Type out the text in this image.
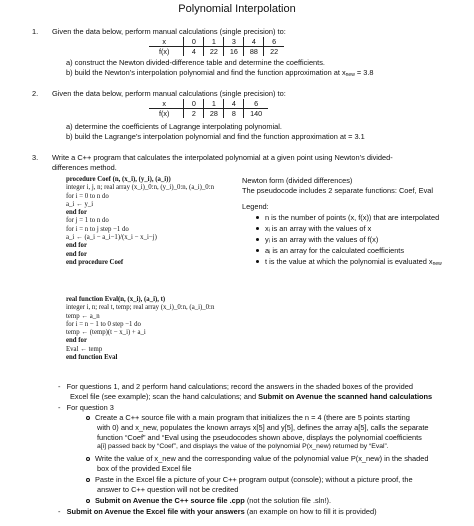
Polynomial Interpolation
1. Given the data below, perform manual calculations (single precision) to:
x	0	1	3	4	6
f(x)	4	22	16	88	22
a) construct the Newton divided-difference table and determine the coefficients.
b) build the Newton’s interpolation polynomial and find the function approximation at $x_{new} = 3.8$
2. Given the data below, perform manual calculations (single precision) to:
x	0	1	4	6
f(x)	2	28	8	140
a) determine the coefficients of Lagrange interpolating polynomial.
b) build the Lagrange’s interpolation polynomial and find the function approximation at = 3.1
3. Write a C++ program that calculates the interpolated polynomial at a given point using Newton’s divided-
differences method.
procedure Coef (n, (x_i), (y_i), (a_i))
integer i, j, n; real array (x_i)_0:n, (y_i)_0:n, (a_i)_0:n
for i = 0 to n do
a_i ← y_i
end for
for j = 1 to n do
for i = n to j step −1 do
a_i ← (a_i − a_i−1)/(x_i − x_i−j)
end for
end for
end procedure Coef
Newton form (divided differences)
The pseudocode includes 2 separate functions: Coef, Eval
Legend:
n is the number of points (x, f(x)) that are interpolated
xᵢ is an array with the values of x
yᵢ is an array with the values of f(x)
aᵢ is an array for the calculated coefficients
t is the value at which the polynomial is evaluated $x_{new}$
real function Eval(n, (x_i), (a_i), t)
integer i, n; real t, temp; real array (x_i)_0:n, (a_i)_0:n
temp ← a_n
for i = n − 1 to 0 step −1 do
temp ← (temp)(t − x_i) + a_i
end for
Eval ← temp
end function Eval
-   For questions 1, and 2 perform hand calculations; record the answers in the shaded boxes of the provided
Excel file (see example); scan the hand calculations; and Submit on Avenue the scanned hand calculations
-   For question 3
Create a C++ source file with a main program that initializes the n = 4 (there are 5 points starting
with 0) and x_new, populates the known arrays x[5] and y[5], defines the array a[5], calls the separate
function “Coef” and “Eval using the pseudocodes shown above, displays the polynomial coefficients
a[i] passed back by “Coef”, and displays the value of the polynomial P(x_new) returned by “Eval”.
Write the value of x_new and the corresponding value of the polynomial value P(x_new) in the shaded
box of the provided Excel file
Paste in the Excel file a picture of your C++ program output (console); without a picture proof, the
answer to C++ question will not be credited
Submit on Avenue the C++ source file .cpp (not the solution file .sln!).
-   Submit on Avenue the Excel file with your answers (an example on how to fill it is provided)
